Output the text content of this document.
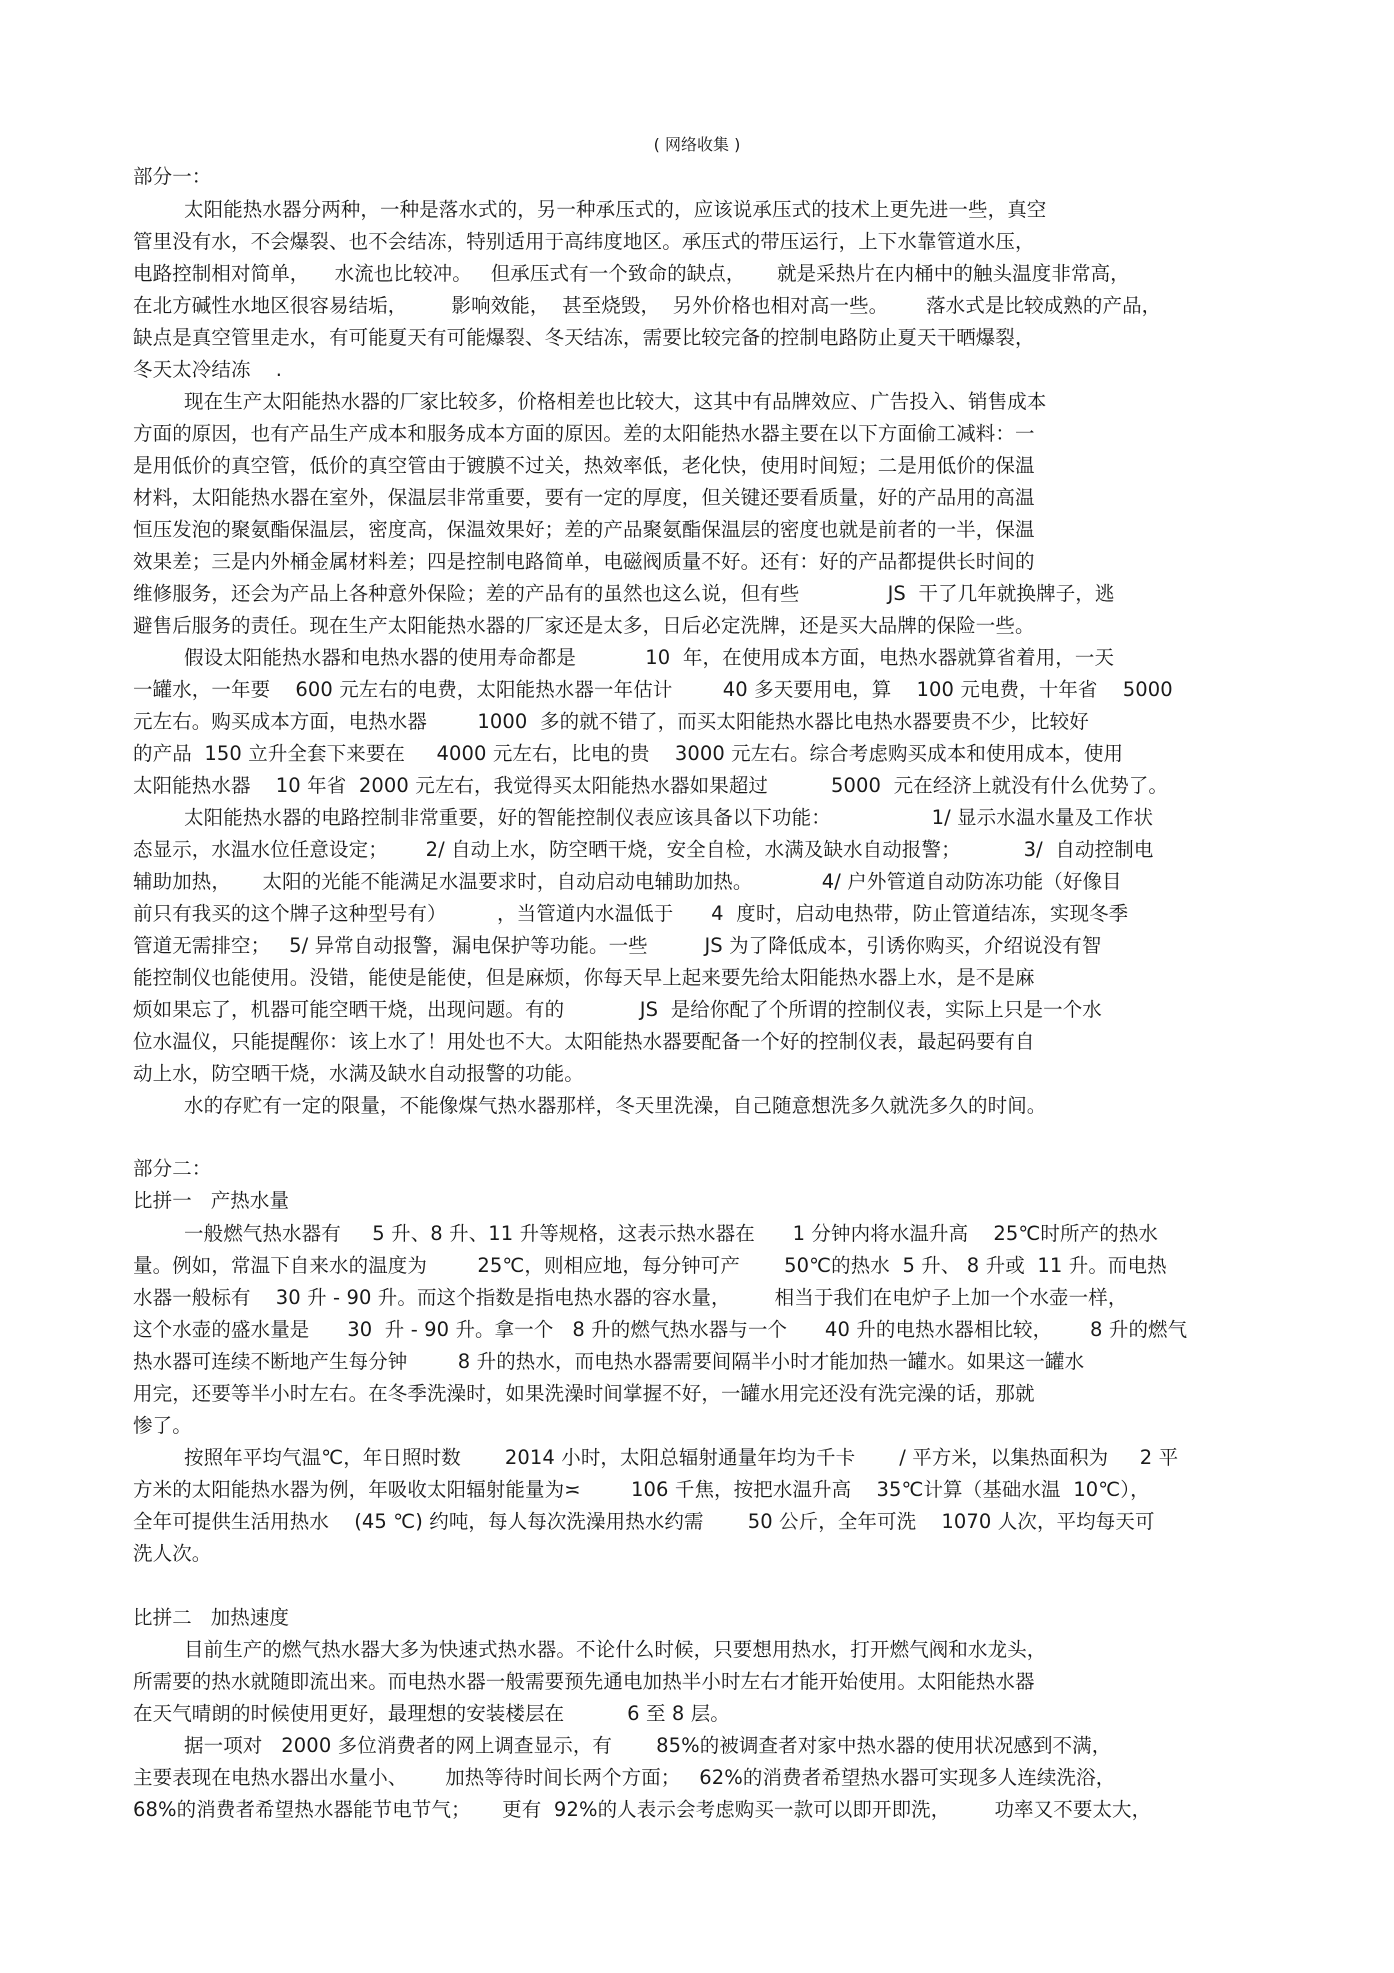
( 网络收集 )
部分一：
太阳能热水器分两种，一种是落水式的，另一种承压式的，应该说承压式的技术上更先进一些，真空
管里没有水，不会爆裂、也不会结冻，特别适用于高纬度地区。承压式的带压运行，上下水靠管道水压，
电路控制相对简单，    水流也比较冲。   但承压式有一个致命的缺点，     就是采热片在内桶中的触头温度非常高，
在北方碱性水地区很容易结垢，       影响效能，  甚至烧毁，  另外价格也相对高一些。      落水式是比较成熟的产品，
缺点是真空管里走水，有可能夏天有可能爆裂、冬天结冻，需要比较完备的控制电路防止夏天干晒爆裂，
冬天太冷结冻    .
现在生产太阳能热水器的厂家比较多，价格相差也比较大，这其中有品牌效应、广告投入、销售成本
方面的原因，也有产品生产成本和服务成本方面的原因。差的太阳能热水器主要在以下方面偷工减料：一
是用低价的真空管，低价的真空管由于镀膜不过关，热效率低，老化快，使用时间短；二是用低价的保温
材料，太阳能热水器在室外，保温层非常重要，要有一定的厚度，但关键还要看质量，好的产品用的高温
恒压发泡的聚氨酯保温层，密度高，保温效果好；差的产品聚氨酯保温层的密度也就是前者的一半，保温
效果差；三是内外桶金属材料差；四是控制电路简单，电磁阀质量不好。还有：好的产品都提供长时间的
维修服务，还会为产品上各种意外保险；差的产品有的虽然也这么说，但有些              JS  干了几年就换牌子，逃
避售后服务的责任。现在生产太阳能热水器的厂家还是太多，日后必定洗牌，还是买大品牌的保险一些。
假设太阳能热水器和电热水器的使用寿命都是           10  年，在使用成本方面，电热水器就算省着用，一天
一罐水，一年要    600 元左右的电费，太阳能热水器一年估计        40 多天要用电，算    100 元电费，十年省    5000
元左右。购买成本方面，电热水器        1000  多的就不错了，而买太阳能热水器比电热水器要贵不少，比较好
的产品  150 立升全套下来要在     4000 元左右，比电的贵    3000 元左右。综合考虑购买成本和使用成本，使用
太阳能热水器    10 年省  2000 元左右，我觉得买太阳能热水器如果超过          5000  元在经济上就没有什么优势了。
太阳能热水器的电路控制非常重要，好的智能控制仪表应该具备以下功能：                1/ 显示水温水量及工作状
态显示，水温水位任意设定；      2/ 自动上水，防空晒干烧，安全自检，水满及缺水自动报警；          3/  自动控制电
辅助加热，     太阳的光能不能满足水温要求时，自动启动电辅助加热。           4/ 户外管道自动防冻功能（好像目
前只有我买的这个牌子这种型号有）        ，当管道内水温低于      4  度时，启动电热带，防止管道结冻，实现冬季
管道无需排空；   5/ 异常自动报警，漏电保护等功能。一些         JS 为了降低成本，引诱你购买，介绍说没有智
能控制仪也能使用。没错，能使是能使，但是麻烦，你每天早上起来要先给太阳能热水器上水，是不是麻
烦如果忘了，机器可能空晒干烧，出现问题。有的            JS  是给你配了个所谓的控制仪表，实际上只是一个水
位水温仪，只能提醒你：该上水了！用处也不大。太阳能热水器要配备一个好的控制仪表，最起码要有自
动上水，防空晒干烧，水满及缺水自动报警的功能。
水的存贮有一定的限量，不能像煤气热水器那样，冬天里洗澡，自己随意想洗多久就洗多久的时间。
部分二：
比拼一   产热水量
一般燃气热水器有     5 升、8 升、11 升等规格，这表示热水器在      1 分钟内将水温升高    25℃时所产的热水
量。例如，常温下自来水的温度为        25℃，则相应地，每分钟可产       50℃的热水  5 升、 8 升或  11 升。而电热
水器一般标有    30 升 - 90 升。而这个指数是指电热水器的容水量，       相当于我们在电炉子上加一个水壶一样，
这个水壶的盛水量是      30  升 - 90 升。拿一个   8 升的燃气热水器与一个      40 升的电热水器相比较，      8 升的燃气
热水器可连续不断地产生每分钟        8 升的热水，而电热水器需要间隔半小时才能加热一罐水。如果这一罐水
用完，还要等半小时左右。在冬季洗澡时，如果洗澡时间掌握不好，一罐水用完还没有洗完澡的话，那就
惨了。
按照年平均气温℃，年日照时数       2014 小时，太阳总辐射通量年均为千卡       / 平方米，以集热面积为     2 平
方米的太阳能热水器为例，年吸收太阳辐射能量为≍        106 千焦，按把水温升高    35℃计算（基础水温  10℃），
全年可提供生活用热水    (45 ℃) 约吨，每人每次洗澡用热水约需       50 公斤，全年可洗    1070 人次，平均每天可
洗人次。
比拼二   加热速度
目前生产的燃气热水器大多为快速式热水器。不论什么时候，只要想用热水，打开燃气阀和水龙头，
所需要的热水就随即流出来。而电热水器一般需要预先通电加热半小时左右才能开始使用。太阳能热水器
在天气晴朗的时候使用更好，最理想的安装楼层在          6 至 8 层。
据一项对   2000 多位消费者的网上调查显示，有       85%的被调查者对家中热水器的使用状况感到不满，
主要表现在电热水器出水量小、      加热等待时间长两个方面；   62%的消费者希望热水器可实现多人连续洗浴，
68%的消费者希望热水器能节电节气；     更有  92%的人表示会考虑购买一款可以即开即洗，       功率又不要太大，
